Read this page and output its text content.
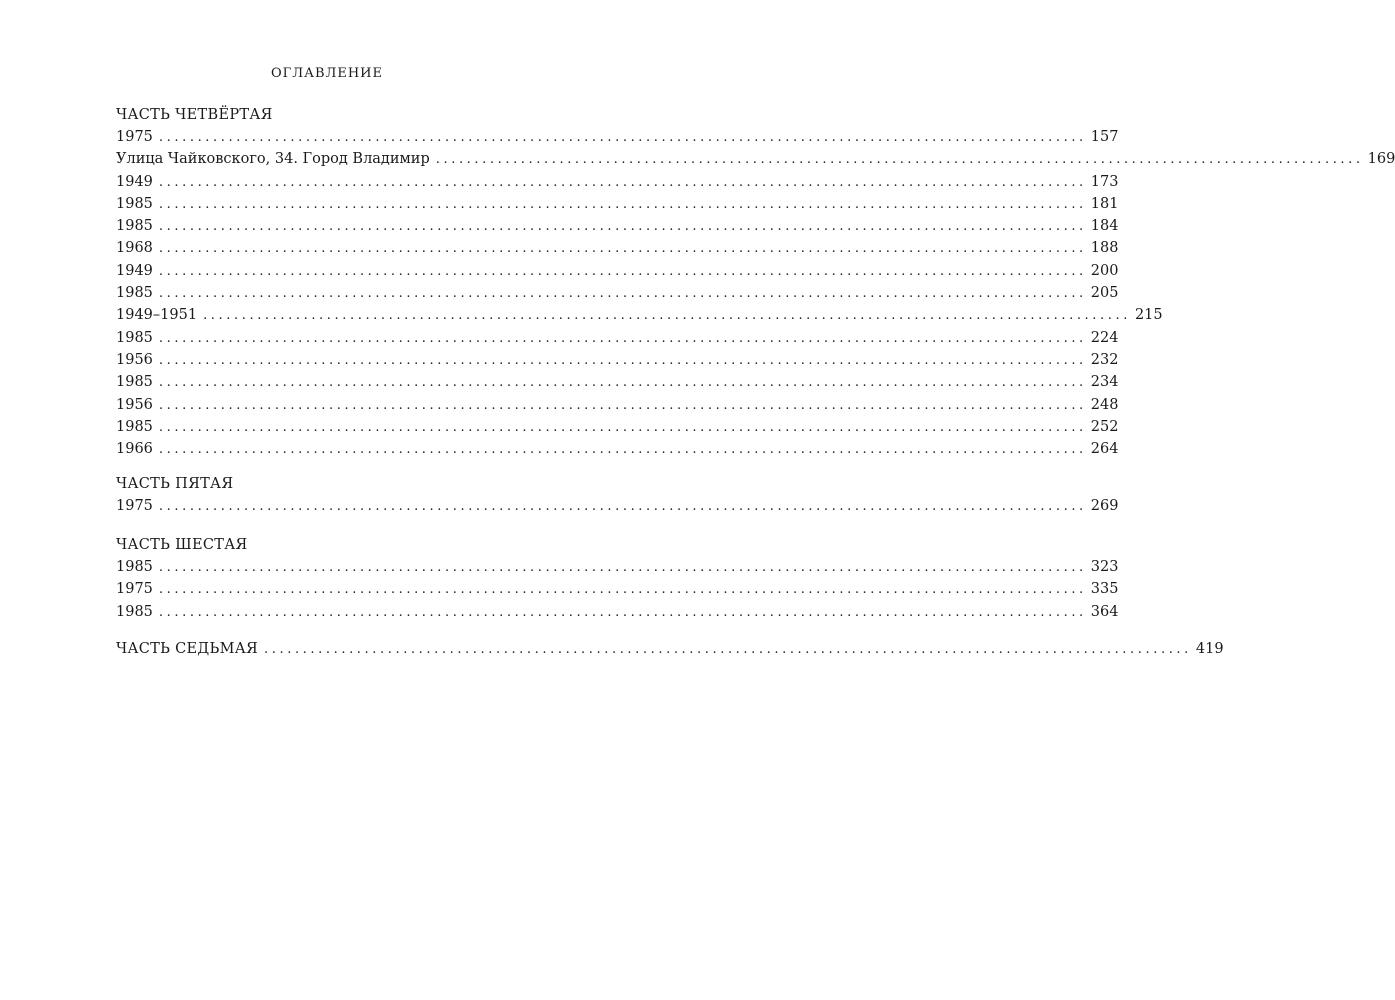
ОГЛАВЛЕНИЕ
ЧАСТЬ ЧЕТВЁРТАЯ
1975 ........................................................................................................................ 157
Улица Чайковского, 34. Город Владимир ........................................................................................................................ 169
1949 ........................................................................................................................ 173
1985 ........................................................................................................................ 181
1985 ........................................................................................................................ 184
1968 ........................................................................................................................ 188
1949 ........................................................................................................................ 200
1985 ........................................................................................................................ 205
1949–1951 ........................................................................................................................ 215
1985 ........................................................................................................................ 224
1956 ........................................................................................................................ 232
1985 ........................................................................................................................ 234
1956 ........................................................................................................................ 248
1985 ........................................................................................................................ 252
1966 ........................................................................................................................ 264
ЧАСТЬ ПЯТАЯ
1975 ........................................................................................................................ 269
ЧАСТЬ ШЕСТАЯ
1985 ........................................................................................................................ 323
1975 ........................................................................................................................ 335
1985 ........................................................................................................................ 364
ЧАСТЬ СЕДЬМАЯ ........................................................................................................................ 419
